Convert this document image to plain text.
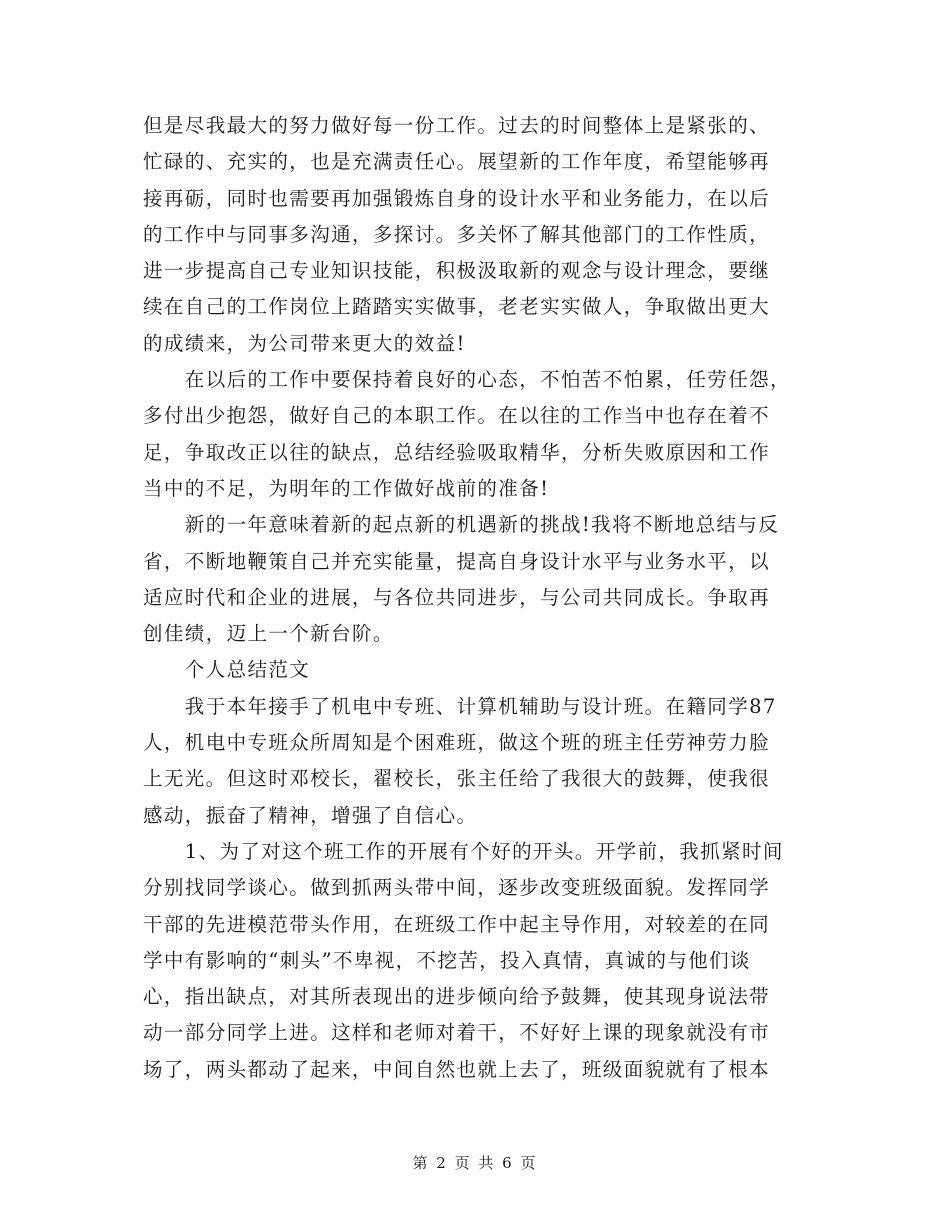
但是尽我最大的努力做好每一份工作。过去的时间整体上是紧张的、
忙碌的、充实的，也是充满责任心。展望新的工作年度，希望能够再
接再砺，同时也需要再加强锻炼自身的设计水平和业务能力，在以后
的工作中与同事多沟通，多探讨。多关怀了解其他部门的工作性质，
进一步提高自己专业知识技能，积极汲取新的观念与设计理念，要继
续在自己的工作岗位上踏踏实实做事，老老实实做人，争取做出更大
的成绩来，为公司带来更大的效益!
　　在以后的工作中要保持着良好的心态，不怕苦不怕累，任劳任怨，
多付出少抱怨，做好自己的本职工作。在以往的工作当中也存在着不
足，争取改正以往的缺点，总结经验吸取精华，分析失败原因和工作
当中的不足，为明年的工作做好战前的准备!
　　新的一年意味着新的起点新的机遇新的挑战!我将不断地总结与反
省，不断地鞭策自己并充实能量，提高自身设计水平与业务水平，以
适应时代和企业的进展，与各位共同进步，与公司共同成长。争取再
创佳绩，迈上一个新台阶。
　　个人总结范文
　　我于本年接手了机电中专班、计算机辅助与设计班。在籍同学87
人，机电中专班众所周知是个困难班，做这个班的班主任劳神劳力脸
上无光。但这时邓校长，翟校长，张主任给了我很大的鼓舞，使我很
感动，振奋了精神，增强了自信心。
　　1、为了对这个班工作的开展有个好的开头。开学前，我抓紧时间
分别找同学谈心。做到抓两头带中间，逐步改变班级面貌。发挥同学
干部的先进模范带头作用，在班级工作中起主导作用，对较差的在同
学中有影响的“刺头”不卑视，不挖苦，投入真情，真诚的与他们谈
心，指出缺点，对其所表现出的进步倾向给予鼓舞，使其现身说法带
动一部分同学上进。这样和老师对着干，不好好上课的现象就没有市
场了，两头都动了起来，中间自然也就上去了，班级面貌就有了根本
第 2 页 共 6 页
